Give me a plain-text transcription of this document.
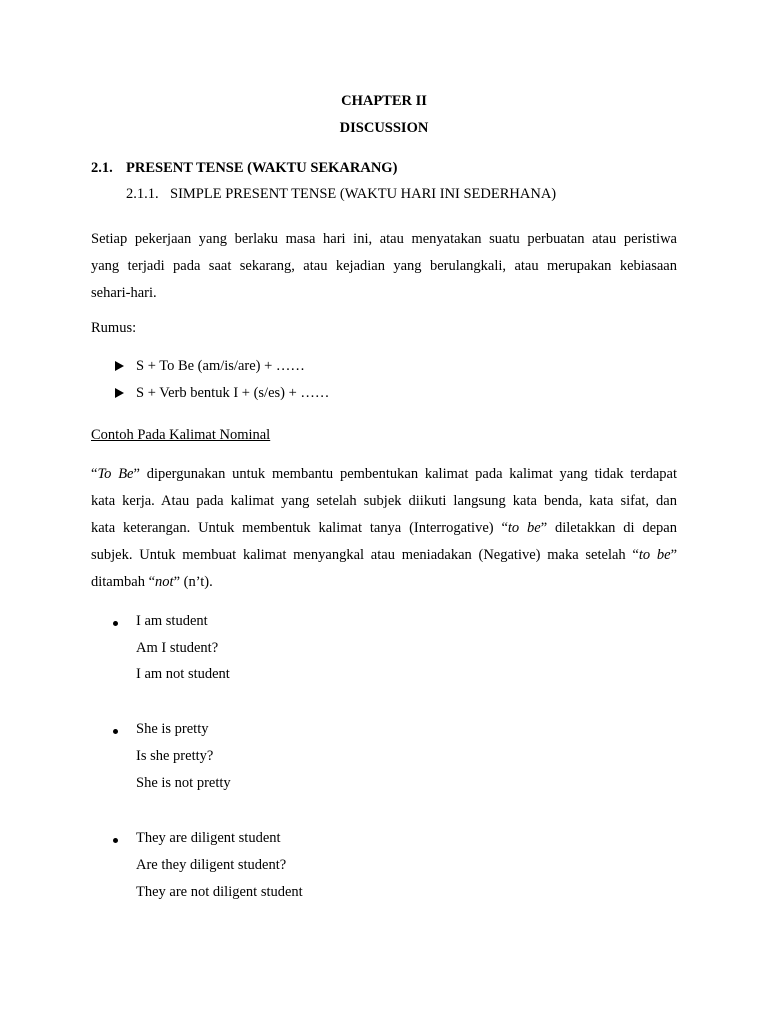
CHAPTER II
DISCUSSION
2.1. PRESENT TENSE (WAKTU SEKARANG)
2.1.1. SIMPLE PRESENT TENSE (WAKTU HARI INI SEDERHANA)
Setiap pekerjaan yang berlaku masa hari ini, atau menyatakan suatu perbuatan atau peristiwa
yang terjadi pada saat sekarang, atau kejadian yang berulangkali, atau merupakan kebiasaan
sehari-hari.
Rumus:
S + To Be (am/is/are) + ……
S + Verb bentuk I + (s/es) + ……
Contoh Pada Kalimat Nominal
“To Be” dipergunakan untuk membantu pembentukan kalimat pada kalimat yang tidak terdapat
kata kerja. Atau pada kalimat yang setelah subjek diikuti langsung kata benda, kata sifat, dan
kata keterangan. Untuk membentuk kalimat tanya (Interrogative) “to be” diletakkan di depan
subjek. Untuk membuat kalimat menyangkal atau meniadakan (Negative) maka setelah “to be”
ditambah “not” (n’t).
I am student
Am I student?
I am not student
She is pretty
Is she pretty?
She is not pretty
They are diligent student
Are they diligent student?
They are not diligent student
